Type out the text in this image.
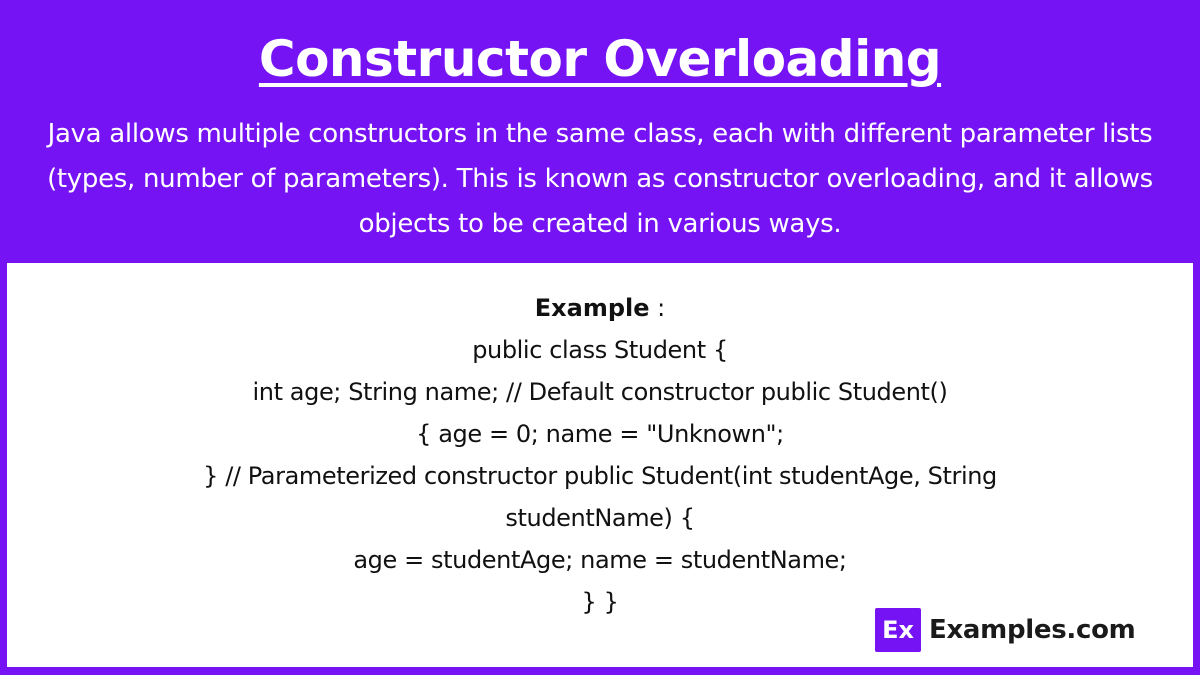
Constructor Overloading
Java allows multiple constructors in the same class, each with different parameter lists (types, number of parameters). This is known as constructor overloading, and it allows objects to be created in various ways.
Example :
public class Student {
int age; String name; // Default constructor public Student()
{ age = 0; name = "Unknown";
} // Parameterized constructor public Student(int studentAge, String
studentName) {
age = studentAge; name = studentName;
} }
Ex Examples.com
